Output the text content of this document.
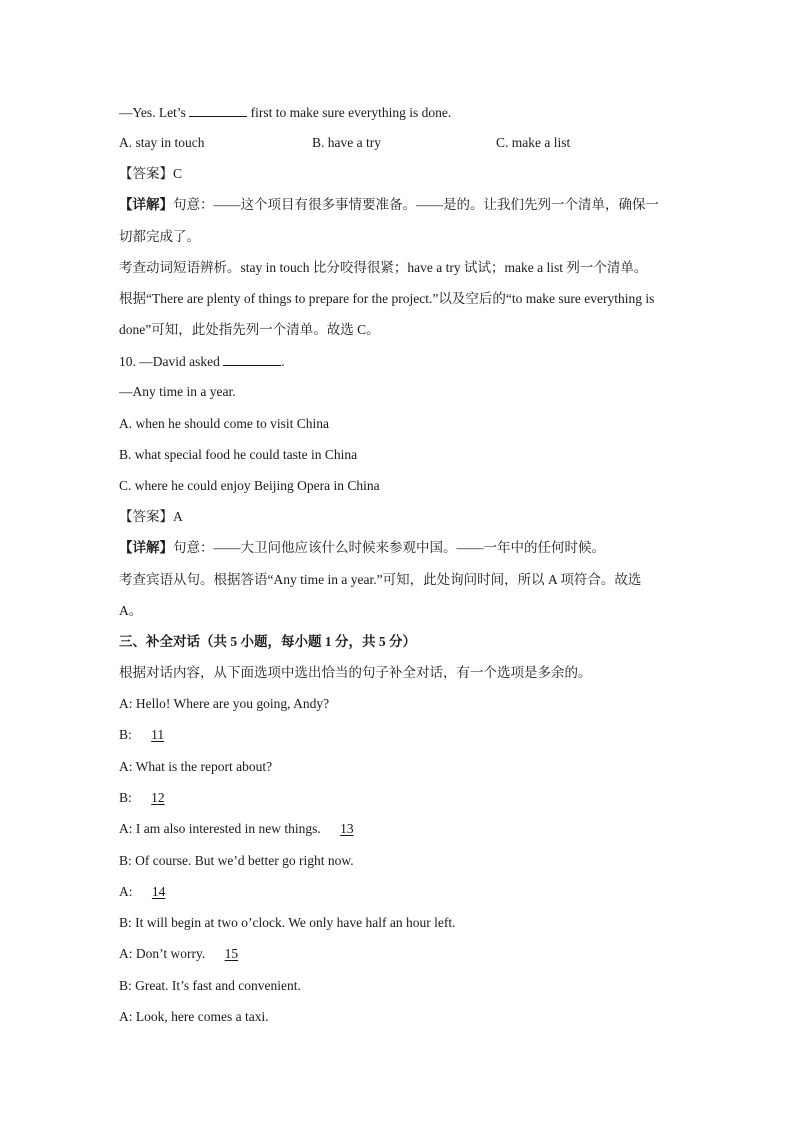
—Yes. Let’s	first to make sure everything is done.
A. stay in touch	B. have a try	C. make a list
【答案】C
【详解】句意：——这个项目有很多事情要准备。——是的。让我们先列一个清单，确保一
切都完成了。
考查动词短语辨析。stay in touch 比分咬得很紧；have a try 试试；make a list 列一个清单。
根据“There are plenty of things to prepare for the project.”以及空后的“to make sure everything is
done”可知，此处指先列一个清单。故选 C。
10. —David asked	.
—Any time in a year.
A. when he should come to visit China
B. what special food he could taste in China
C. where he could enjoy Beijing Opera in China
【答案】A
【详解】句意：——大卫问他应该什么时候来参观中国。——一年中的任何时候。
考查宾语从句。根据答语“Any time in a year.”可知，此处询问时间，所以 A 项符合。故选
A。
三、补全对话（共 5 小题，每小题 1 分，共 5 分）
根据对话内容，从下面选项中选出恰当的句子补全对话，有一个选项是多余的。
A: Hello! Where are you going, Andy?
B: 11
A: What is the report about?
B: 12
A: I am also interested in new things. 13
B: Of course. But we’d better go right now.
A: 14
B: It will begin at two o’clock. We only have half an hour left.
A: Don’t worry. 15
B: Great. It’s fast and convenient.
A: Look, here comes a taxi.
